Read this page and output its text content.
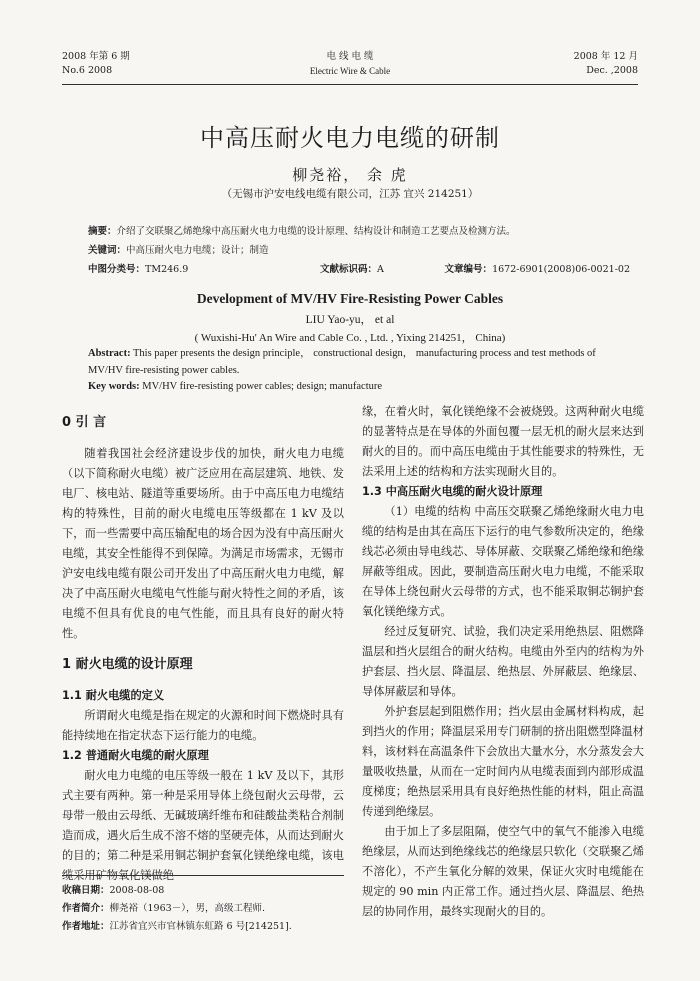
2008 年第 6 期
No.6 2008
电 线 电 缆
Electric Wire & Cable
2008 年 12 月
Dec. ,2008
中高压耐火电力电缆的研制
柳尧裕， 余 虎
（无锡市沪安电线电缆有限公司，江苏 宜兴 214251）
摘要：介绍了交联聚乙烯绝缘中高压耐火电力电缆的设计原理、结构设计和制造工艺要点及检测方法。
关键词：中高压耐火电力电缆；设计；制造
中图分类号：TM246.9	文献标识码：A	文章编号：1672-6901(2008)06-0021-02
Development of MV/HV Fire-Resisting Power Cables
LIU Yao-yu， et al
( Wuxishi-Hu' An Wire and Cable Co. , Ltd. , Yixing 214251， China)
Abstract: This paper presents the design principle， constructional design， manufacturing process and test methods of MV/HV fire-resisting power cables.
Key words: MV/HV fire-resisting power cables; design; manufacture
0 引 言

随着我国社会经济建设步伐的加快，耐火电力电缆（以下简称耐火电缆）被广泛应用在高层建筑、地铁、发电厂、核电站、隧道等重要场所。由于中高压电力电缆结构的特殊性，目前的耐火电缆电压等级都在 1 kV 及以下，而一些需要中高压输配电的场合因为没有中高压耐火电缆，其安全性能得不到保障。为满足市场需求，无锡市沪安电线电缆有限公司开发出了中高压耐火电力电缆，解决了中高压耐火电缆电气性能与耐火特性之间的矛盾，该电缆不但具有优良的电气性能，而且具有良好的耐火特性。

1 耐火电缆的设计原理
1.1 耐火电缆的定义

所谓耐火电缆是指在规定的火源和时间下燃烧时具有能持续地在指定状态下运行能力的电缆。

1.2 普通耐火电缆的耐火原理

耐火电力电缆的电压等级一般在 1 kV 及以下，其形式主要有两种。第一种是采用导体上绕包耐火云母带，云母带一般由云母纸、无碱玻璃纤维布和硅酸盐类粘合剂制造而成，遇火后生成不溶不熔的坚硬壳体，从而达到耐火的目的；第二种是采用铜芯铜护套氧化镁绝缘电缆，该电缆采用矿物氧化镁做绝

缘，在着火时，氧化镁绝缘不会被烧毁。这两种耐火电缆的显著特点是在导体的外面包覆一层无机的耐火层来达到耐火的目的。而中高压电缆由于其性能要求的特殊性，无法采用上述的结构和方法实现耐火目的。

1.3 中高压耐火电缆的耐火设计原理

（1）电缆的结构 中高压交联聚乙烯绝缘耐火电力电缆的结构是由其在高压下运行的电气参数所决定的，绝缘线芯必须由导电线芯、导体屏蔽、交联聚乙烯绝缘和绝缘屏蔽等组成。因此，要制造高压耐火电力电缆，不能采取在导体上绕包耐火云母带的方式，也不能采取铜芯铜护套氧化镁绝缘方式。

经过反复研究、试验，我们决定采用绝热层、阻燃降温层和挡火层组合的耐火结构。电缆由外至内的结构为外护套层、挡火层、降温层、绝热层、外屏蔽层、绝缘层、导体屏蔽层和导体。

外护套层起到阻燃作用；挡火层由金属材料构成，起到挡火的作用；降温层采用专门研制的挤出阻燃型降温材料，该材料在高温条件下会放出大量水分，水分蒸发会大量吸收热量，从而在一定时间内从电缆表面到内部形成温度梯度；绝热层采用具有良好绝热性能的材料，阻止高温传递到绝缘层。

由于加上了多层阻隔，使空气中的氧气不能渗入电缆绝缘层，从而达到绝缘线芯的绝缘层只软化（交联聚乙烯不溶化），不产生氧化分解的效果，保证火灾时电缆能在规定的 90 min 内正常工作。通过挡火层、降温层、绝热层的协同作用，最终实现耐火的目的。

收稿日期：2008-08-08
作者简介：柳尧裕（1963－），男，高级工程师.
作者地址：江苏省宜兴市官林镇东虹路 6 号[214251].
